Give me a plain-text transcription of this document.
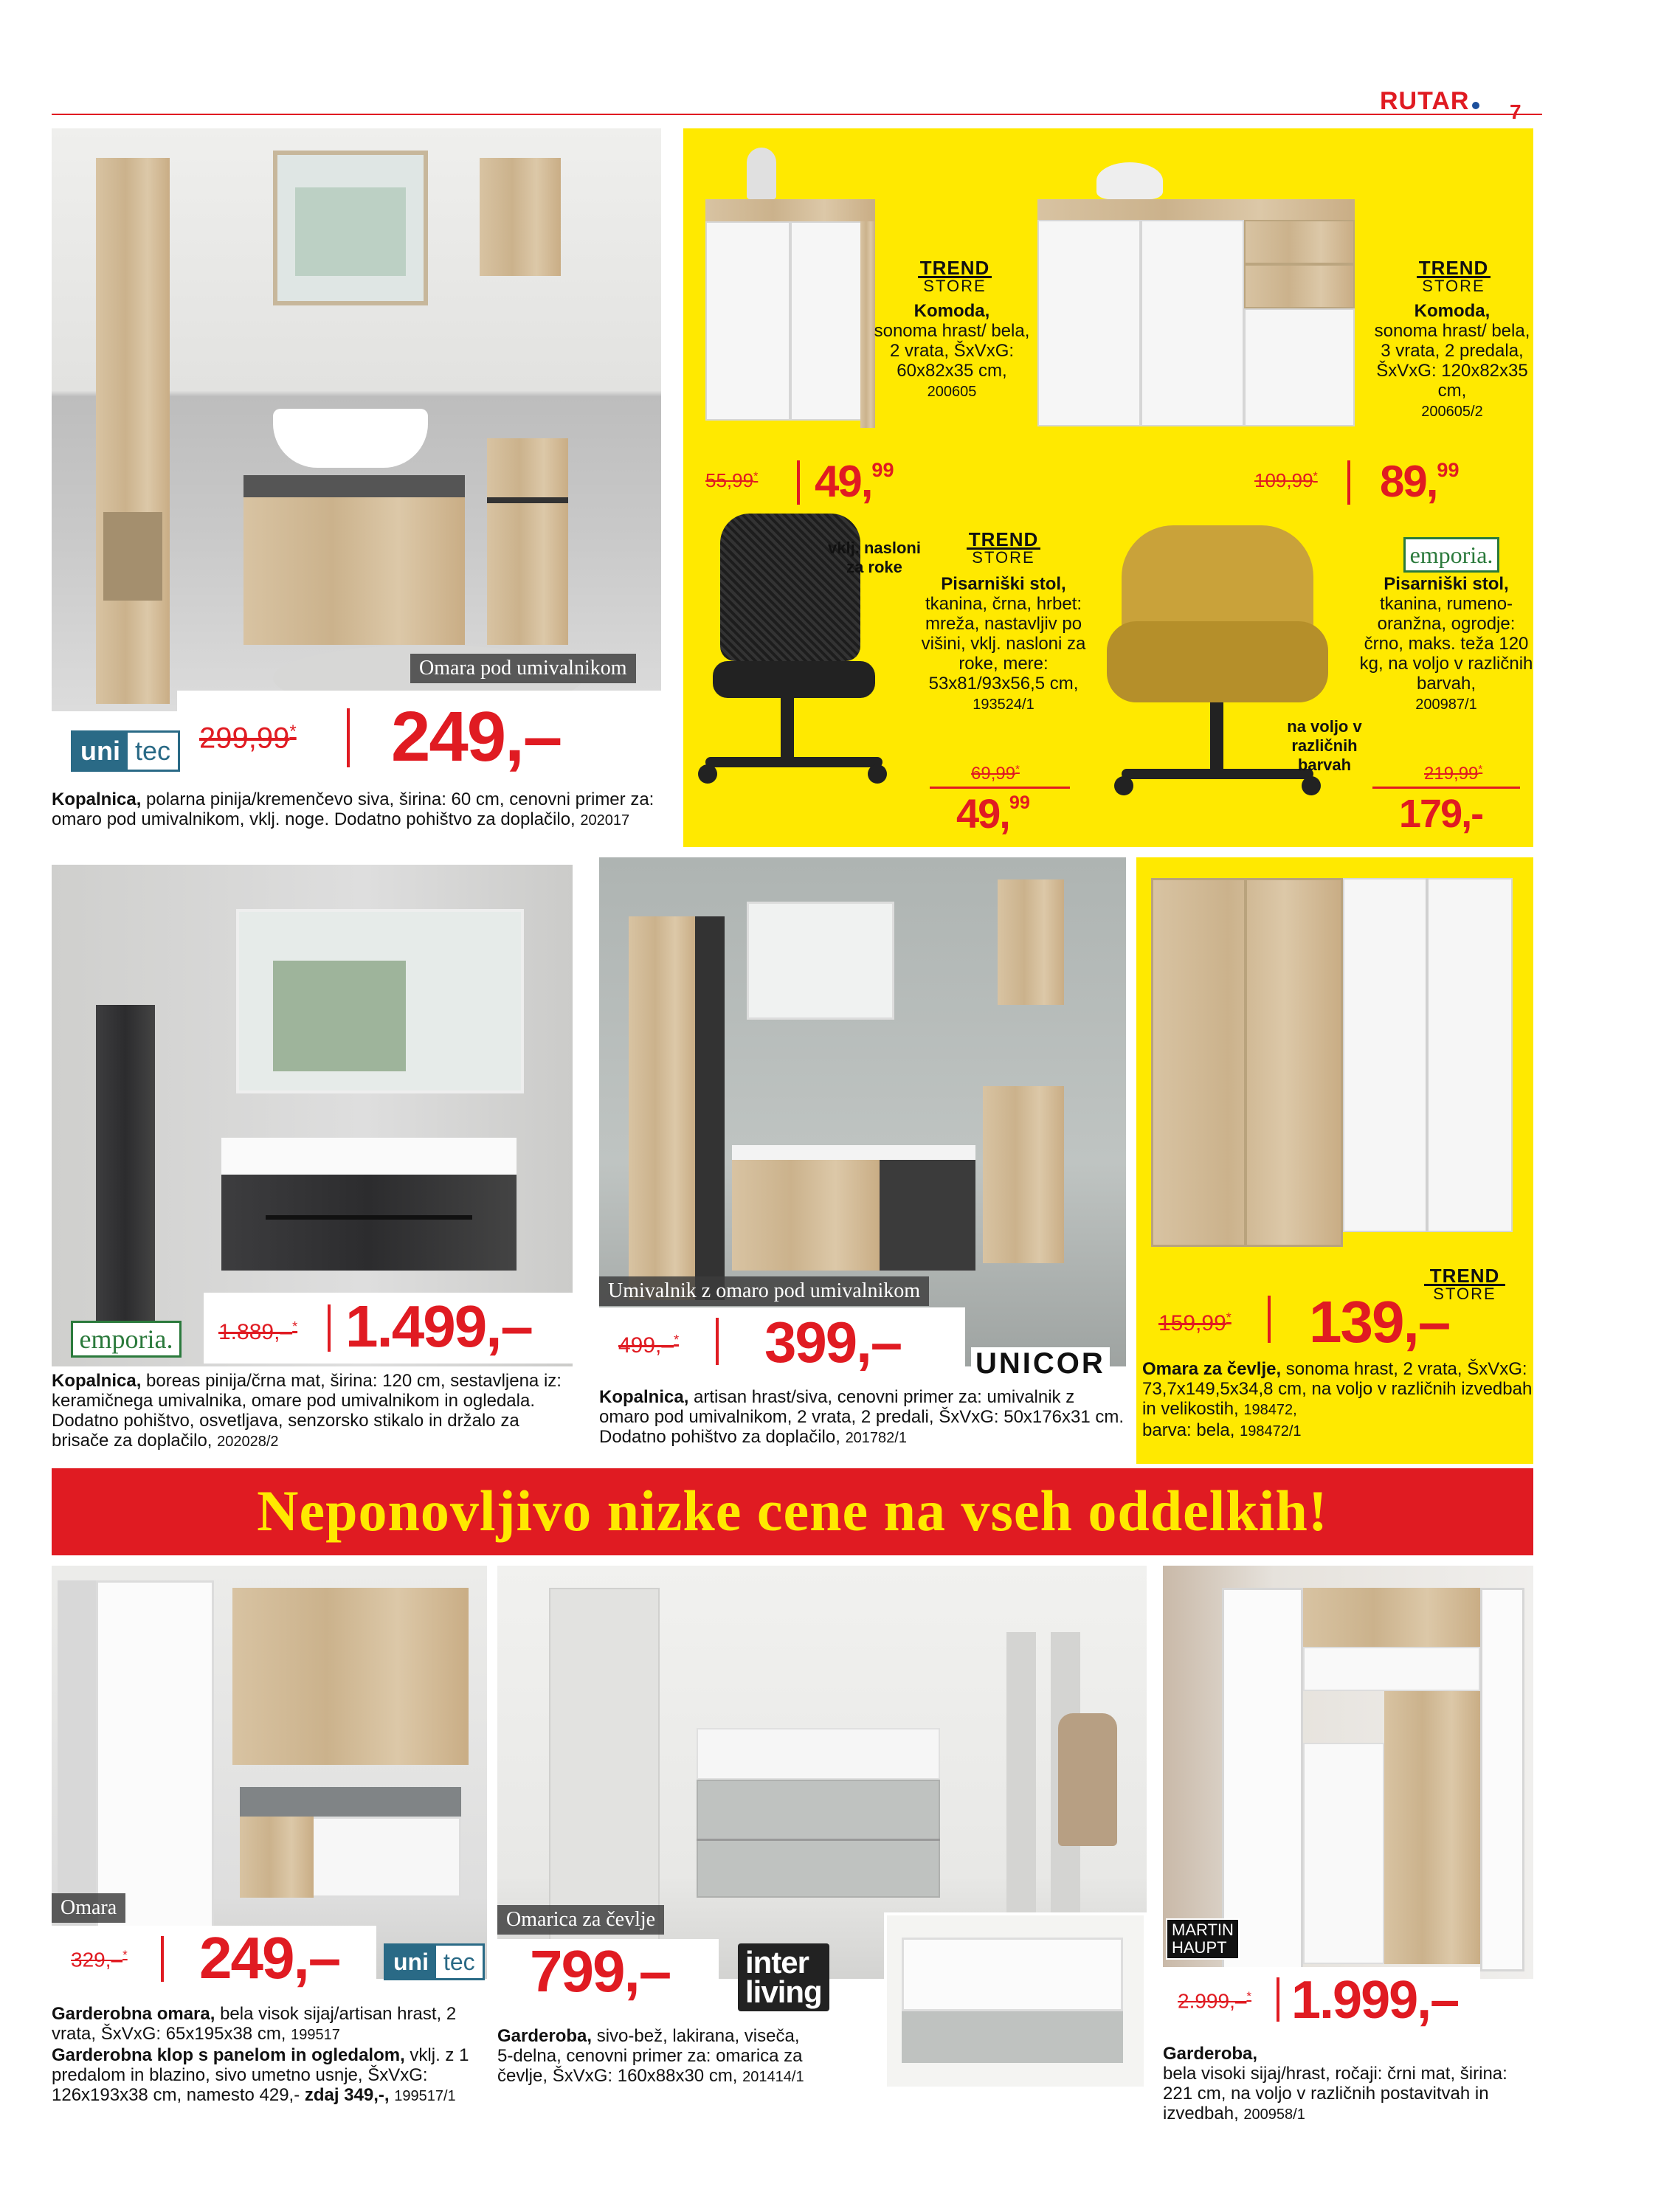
RUTAR	7
Omara pod umivalnikom
299,99* 249,–
uni tec
Kopalnica, polarna pinija/kremenčevo siva, širina: 60 cm, cenovni primer za: omaro pod umivalnikom, vklj. noge. Dodatno pohištvo za doplačilo, 202017
TREND
STORE
Komoda,
sonoma hrast/ bela, 2 vrata, ŠxVxG: 60x82x35 cm,
200605
55,99* 49,99
TREND
STORE
Komoda,
sonoma hrast/ bela, 3 vrata, 2 predala, ŠxVxG: 120x82x35 cm,
200605/2
109,99* 89,99
vklj. nasloni za roke
TREND
STORE
Pisarniški stol,
tkanina, črna, hrbet: mreža, nastavljiv po višini, vklj. nasloni za roke, mere: 53x81/93x56,5 cm,
193524/1
69,99*
49,99
na voljo v različnih barvah
emporia.
Pisarniški stol,
tkanina, rumeno-oranžna, ogrodje: črno, maks. teža 120 kg, na voljo v različnih barvah,
200987/1
219,99*
179,-
1.889,–* 1.499,–
emporia.
Kopalnica, boreas pinija/črna mat, širina: 120 cm, sestavljena iz: keramičnega umivalnika, omare pod umivalnikom in ogledala. Dodatno pohištvo, osvetljava, senzorsko stikalo in držalo za brisače za doplačilo, 202028/2
Umivalnik z omaro pod umivalnikom
499,–* 399,–	UNICOR
Kopalnica, artisan hrast/siva, cenovni primer za: umivalnik z omaro pod umivalnikom, 2 vrata, 2 predali, ŠxVxG: 50x176x31 cm. Dodatno pohištvo za doplačilo, 201782/1
TREND
STORE
159,99* 139,–
Omara za čevlje, sonoma hrast, 2 vrata, ŠxVxG: 73,7x149,5x34,8 cm, na voljo v različnih izvedbah in velikostih, 198472,
barva: bela, 198472/1
Neponovljivo nizke cene na vseh oddelkih!
Omara
329,–* 249,–	uni tec
Garderobna omara, bela visok sijaj/artisan hrast, 2 vrata, ŠxVxG: 65x195x38 cm, 199517
Garderobna klop s panelom in ogledalom, vklj. z 1 predalom in blazino, sivo umetno usnje, ŠxVxG: 126x193x38 cm, namesto 429,- zdaj 349,-, 199517/1
Omarica za čevlje
799,– inter
living
Garderoba, sivo-bež, lakirana, viseča, 5-delna, cenovni primer za: omarica za čevlje, ŠxVxG: 160x88x30 cm, 201414/1
MARTIN
HAUPT
2.999,–* 1.999,–
Garderoba,
bela visoki sijaj/hrast, ročaji: črni mat, širina: 221 cm, na voljo v različnih postavitvah in izvedbah, 200958/1
